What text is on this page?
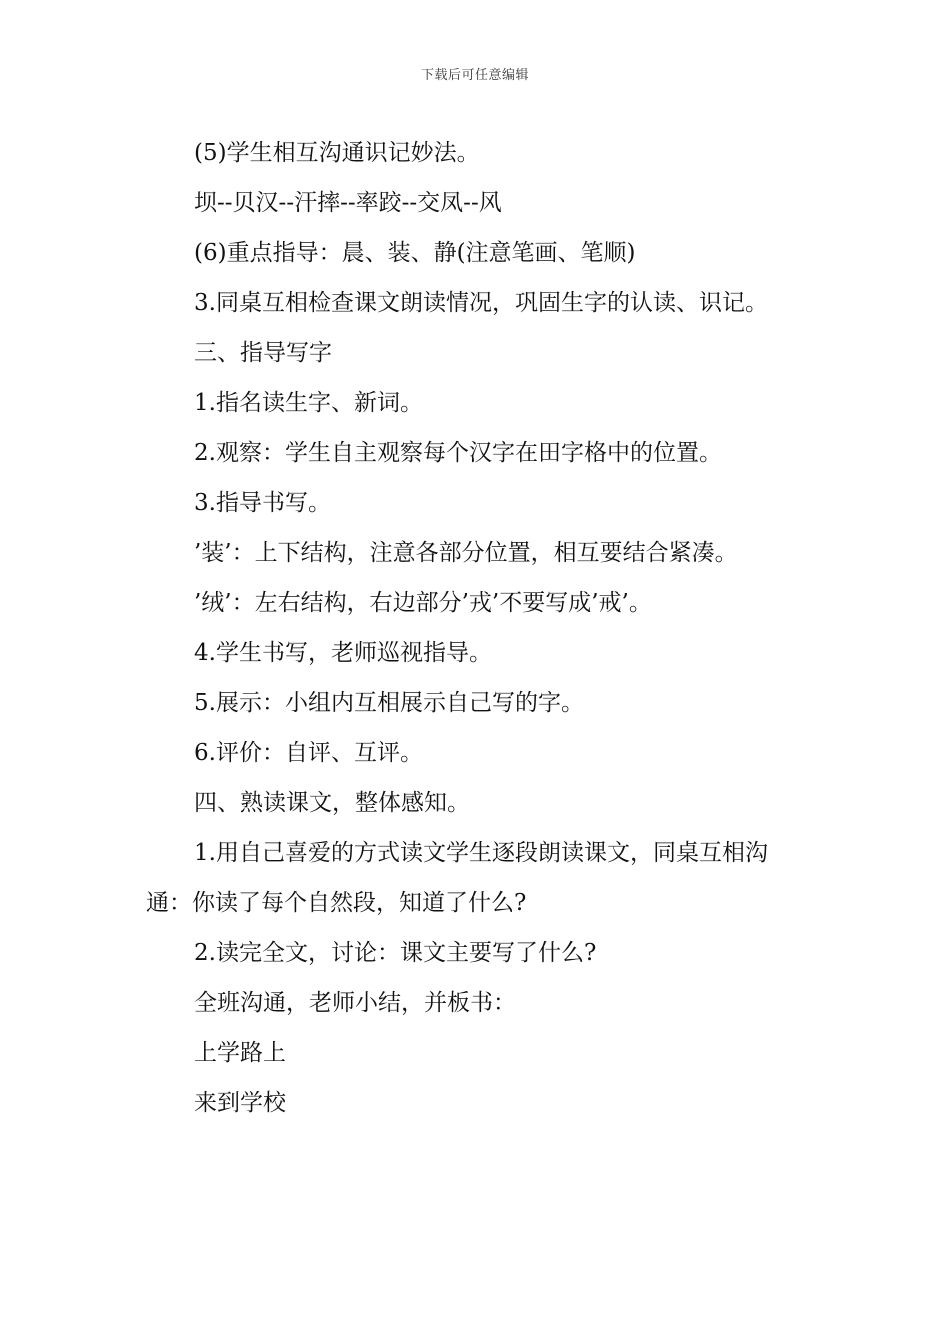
下载后可任意编辑

(5)学生相互沟通识记妙法。

坝--贝汉--汗摔--率跤--交凤--风

(6)重点指导：晨、装、静(注意笔画、笔顺)

3.同桌互相检查课文朗读情况，巩固生字的认读、识记。

三、指导写字

1.指名读生字、新词。

2.观察：学生自主观察每个汉字在田字格中的位置。

3.指导书写。

’装’：上下结构，注意各部分位置，相互要结合紧凑。

’绒’：左右结构，右边部分’戎’不要写成’戒’。

4.学生书写，老师巡视指导。

5.展示：小组内互相展示自己写的字。

6.评价：自评、互评。

四、熟读课文，整体感知。

1.用自己喜爱的方式读文学生逐段朗读课文，同桌互相沟通：你读了每个自然段，知道了什么?

2.读完全文，讨论：课文主要写了什么?

全班沟通，老师小结，并板书：

上学路上

来到学校
